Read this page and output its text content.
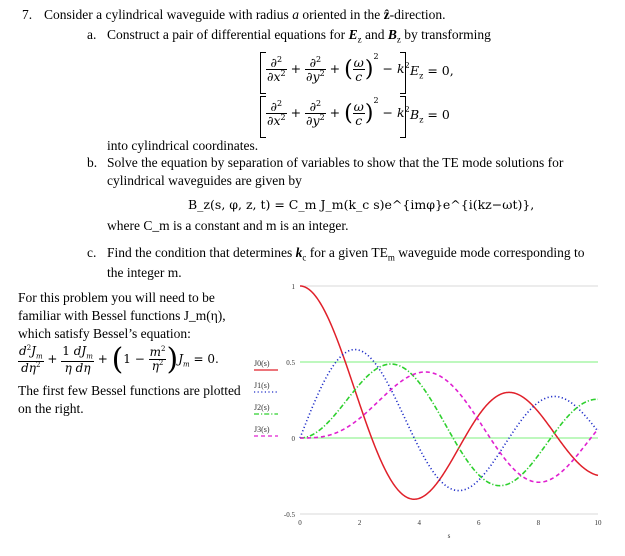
7. Consider a cylindrical waveguide with radius a oriented in the ẑ-direction.
a. Construct a pair of differential equations for $E_z$ and $B_z$ by transforming
$\frac{\partial^2}{\partial x^2} + \frac{\partial^2}{\partial y^2}$ + ( $\frac{\omega}{c} )^2 - k^2$ $E_z = 0$,
$\frac{\partial^2}{\partial x^2} + \frac{\partial^2}{\partial y^2}$ + ( $\frac{\omega}{c} )^2 - k^2$ $B_z = 0$
into cylindrical coordinates.
b. Solve the equation by separation of variables to show that the TE mode solutions for
cylindrical waveguides are given by
B_z(s, φ, z, t) = C_m J_m(k_c s)e^{imφ}e^{i(kz−ωt)},
where C_m is a constant and m is an integer.
c. Find the condition that determines $k_c$ for a given $TE_m$ waveguide mode corresponding to
the integer m.
For this problem you will need to be
familiar with Bessel functions J_m(η),
which satisfy Bessel’s equation:
$\frac{d^2J_m}{d\eta^2} + \frac{1 dJ_m}{\text{η dη}} + (1 - \frac{m^2}{\eta^2} )J_m = 0$.
The first few Bessel functions are plotted
on the right.
J0(s)
J1(s)
J2(s)
J3(s)
0	2	4	6	8	10
s
-0.5
0
0.5
1
